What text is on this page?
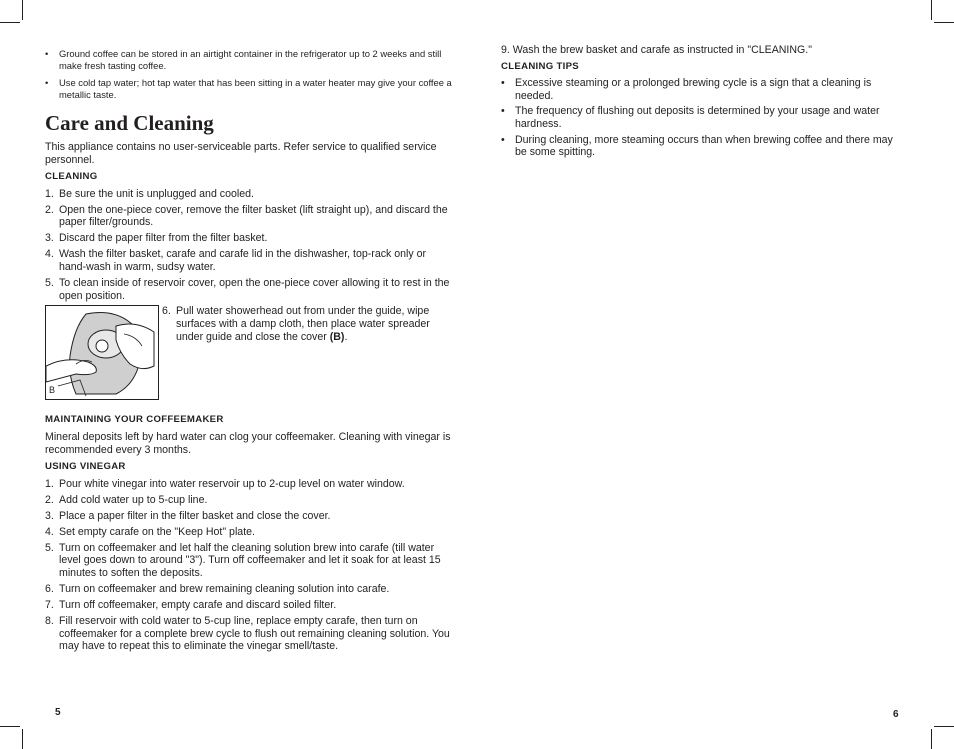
• Ground coffee can be stored in an airtight container in the refrigerator up to 2 weeks and still make fresh tasting coffee.
• Use cold tap water; hot tap water that has been sitting in a water heater may give your coffee a metallic taste.
Care and Cleaning

This appliance contains no user-serviceable parts. Refer service to qualified service personnel.

CLEANING
1. Be sure the unit is unplugged and cooled.
2. Open the one-piece cover, remove the filter basket (lift straight up), and discard the paper filter/grounds.
3. Discard the paper filter from the filter basket.
4. Wash the filter basket, carafe and carafe lid in the dishwasher, top-rack only or hand-wash in warm, sudsy water.
5. To clean inside of reservoir cover, open the one-piece cover allowing it to rest in the open position.
B
6. Pull water showerhead out from under the guide, wipe surfaces with a damp cloth, then place water spreader under guide and close the cover (B).
MAINTAINING YOUR COFFEEMAKER

Mineral deposits left by hard water can clog your coffeemaker. Cleaning with vinegar is recommended every 3 months.

USING VINEGAR
1. Pour white vinegar into water reservoir up to 2-cup level on water window.
2. Add cold water up to 5-cup line.
3. Place a paper filter in the filter basket and close the cover.
4. Set empty carafe on the "Keep Hot" plate.
5. Turn on coffeemaker and let half the cleaning solution brew into carafe (till water level goes down to around "3"). Turn off coffeemaker and let it soak for at least 15 minutes to soften the deposits.
6. Turn on coffeemaker and brew remaining cleaning solution into carafe.
7. Turn off coffeemaker, empty carafe and discard soiled filter.
8. Fill reservoir with cold water to 5-cup line, replace empty carafe, then turn on coffeemaker for a complete brew cycle to flush out remaining cleaning solution. You may have to repeat this to eliminate the vinegar smell/taste.
5
9. Wash the brew basket and carafe as instructed in "CLEANING."
CLEANING TIPS
• Excessive steaming or a prolonged brewing cycle is a sign that a cleaning is needed.
• The frequency of flushing out deposits is determined by your usage and water hardness.
• During cleaning, more steaming occurs than when brewing coffee and there may be some spitting.
6
